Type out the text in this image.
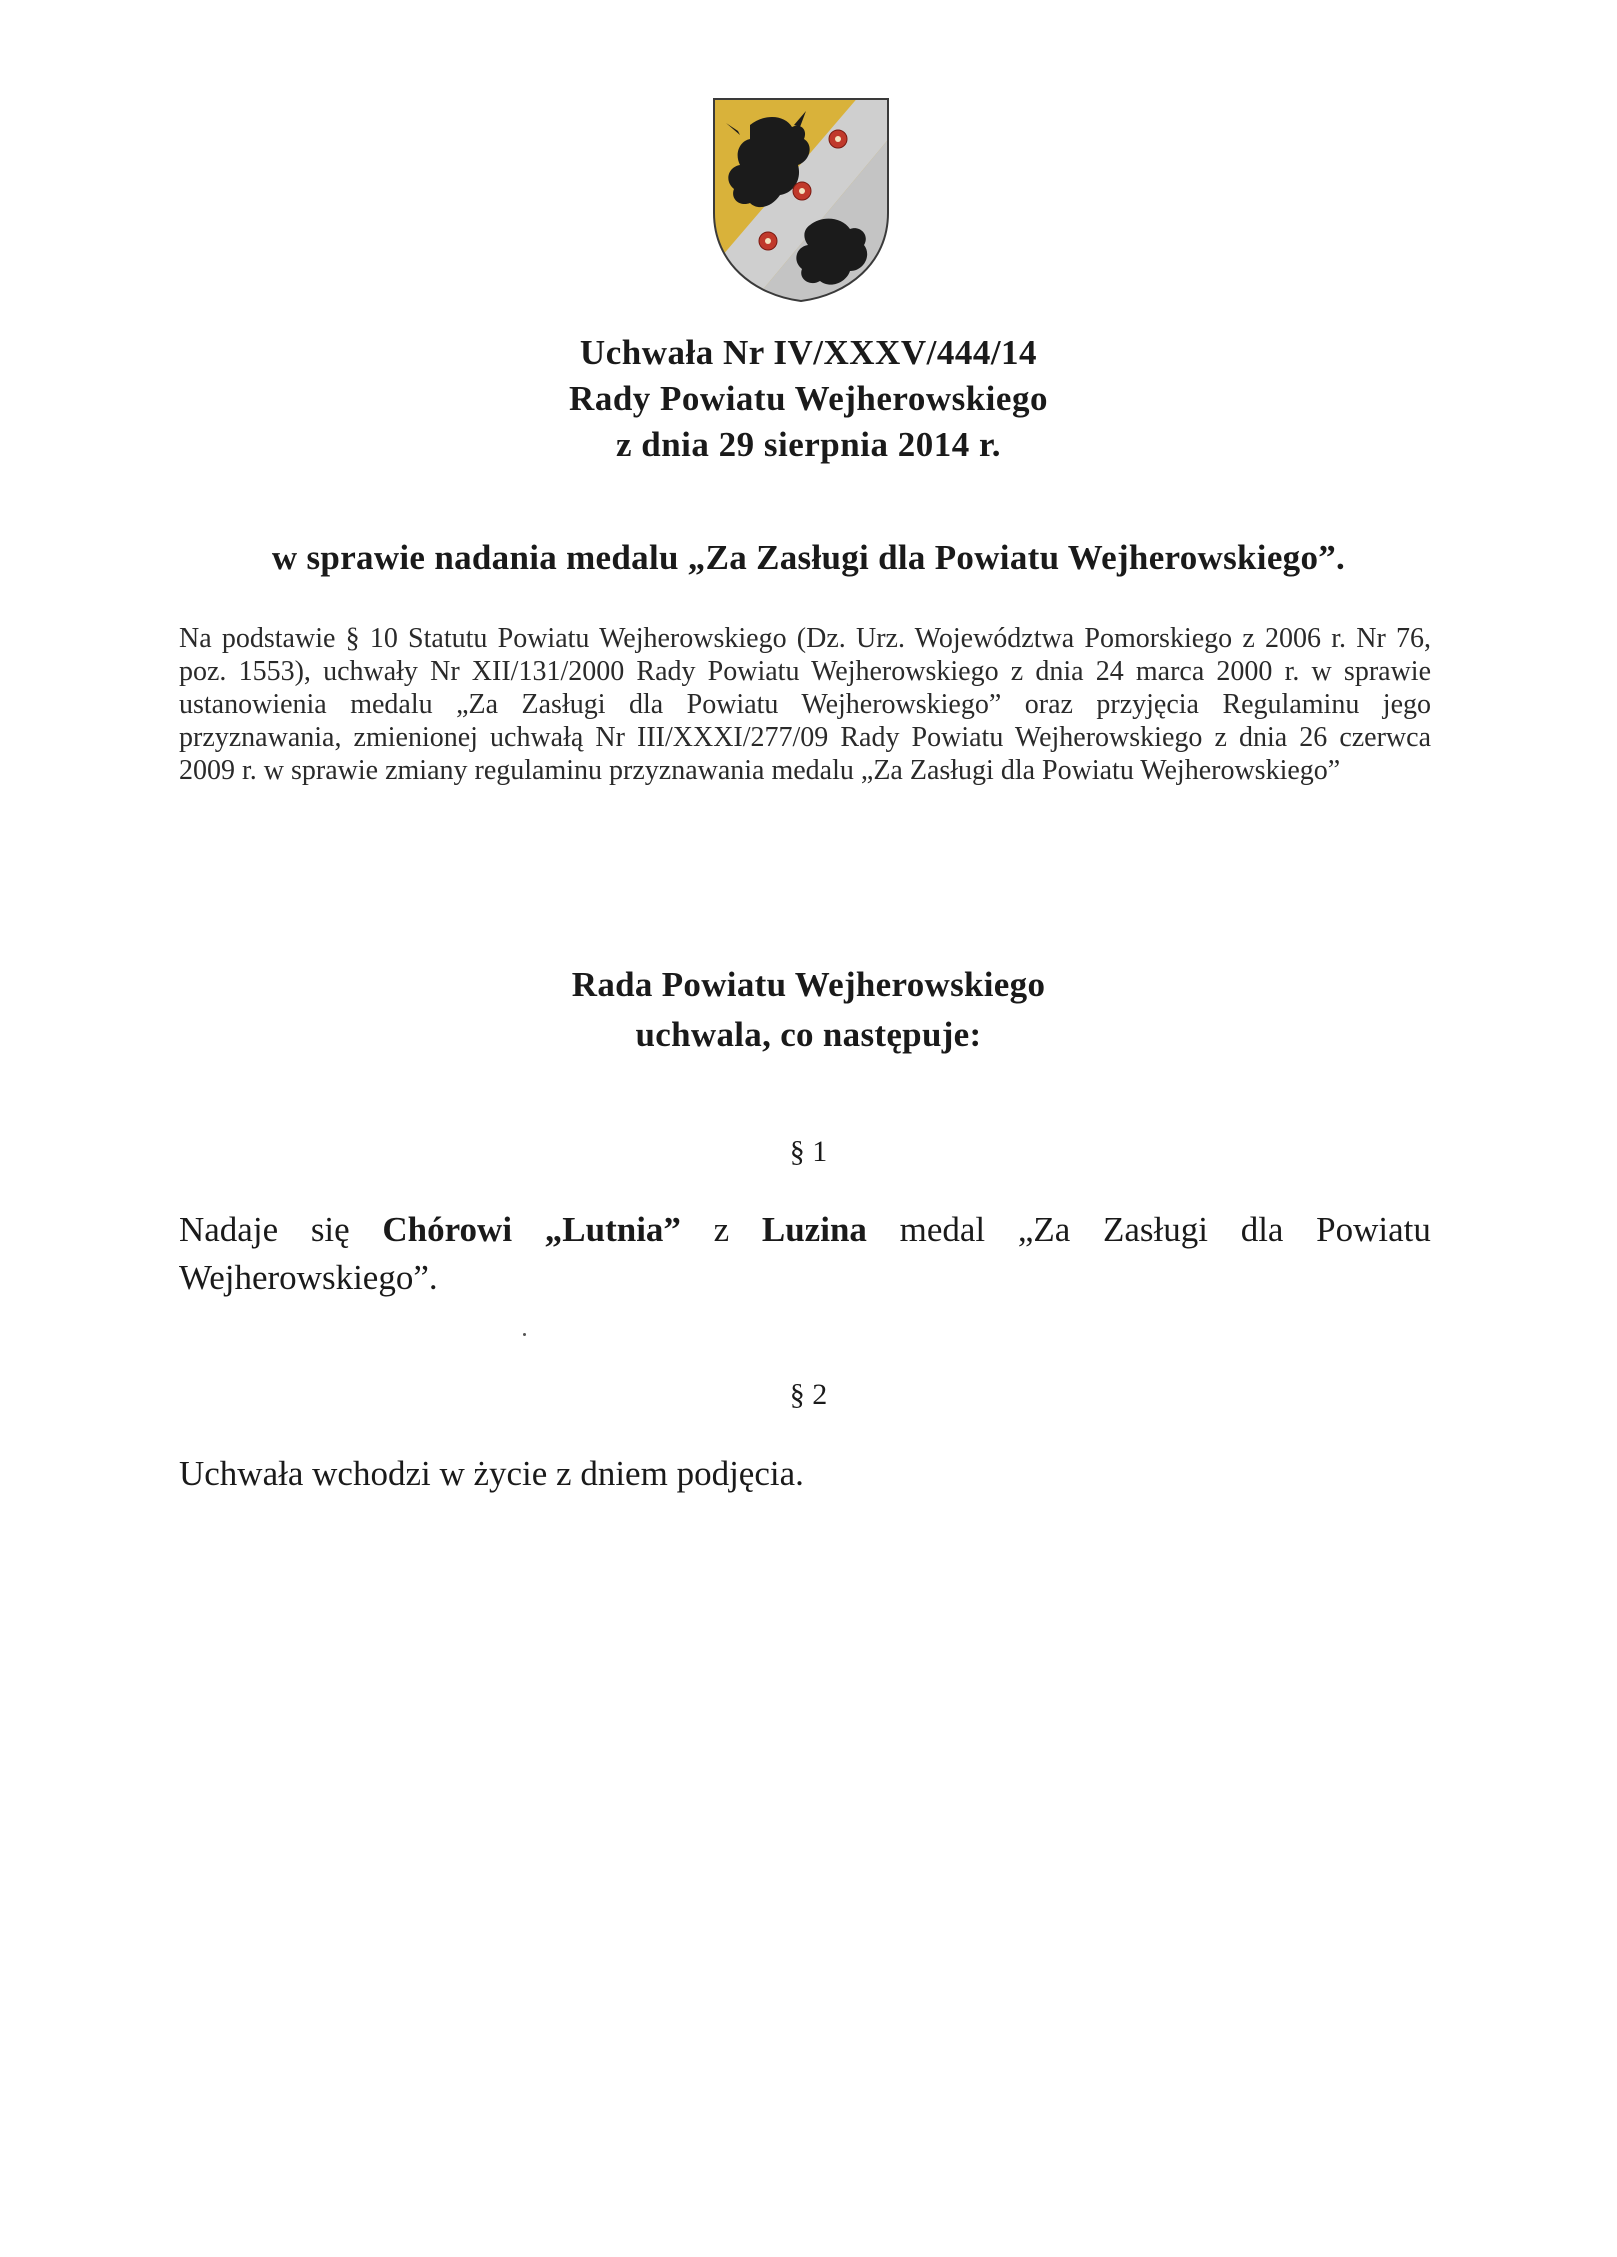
Uchwała Nr IV/XXXV/444/14
Rady Powiatu Wejherowskiego
z dnia 29 sierpnia 2014 r.
w sprawie nadania medalu „Za Zasługi dla Powiatu Wejherowskiego”.
Na podstawie § 10 Statutu Powiatu Wejherowskiego (Dz. Urz. Województwa Pomorskiego z 2006 r. Nr 76, poz. 1553), uchwały Nr XII/131/2000 Rady Powiatu Wejherowskiego z dnia 24 marca 2000 r. w sprawie ustanowienia medalu „Za Zasługi dla Powiatu Wejherowskiego” oraz przyjęcia Regulaminu jego przyznawania, zmienionej uchwałą Nr III/XXXI/277/09 Rady Powiatu Wejherowskiego z dnia 26 czerwca 2009 r. w sprawie zmiany regulaminu przyznawania medalu „Za Zasługi dla Powiatu Wejherowskiego”
Rada Powiatu Wejherowskiego
uchwala, co następuje:
§ 1
Nadaje się Chórowi „Lutnia” z Luzina medal „Za Zasługi dla Powiatu
Wejherowskiego”.
§ 2
Uchwała wchodzi w życie z dniem podjęcia.
